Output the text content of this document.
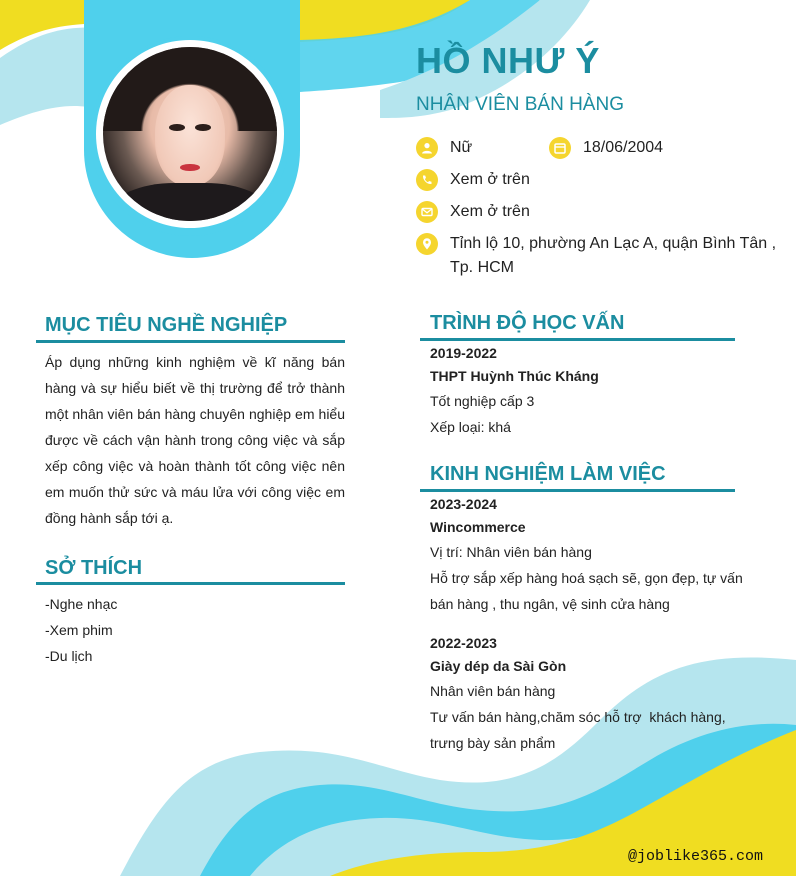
HỒ NHƯ Ý
NHÂN VIÊN BÁN HÀNG
Nữ	18/06/2004
Xem ở trên
Xem ở trên
Tỉnh lộ 10, phường An Lạc A, quận Bình Tân ,
Tp. HCM
MỤC TIÊU NGHỀ NGHIỆP
Áp dụng những kinh nghiệm về kĩ năng bán hàng và sự hiểu biết về thị trường để trở thành một nhân viên bán hàng chuyên nghiệp em hiểu được về cách vận hành trong công việc và sắp xếp công việc và hoàn thành tốt công việc nên em muốn thử sức và máu lửa với công việc em đồng hành sắp tới ạ.
SỞ THÍCH
-Nghe nhạc
-Xem phim
-Du lịch
TRÌNH ĐỘ HỌC VẤN
2019-2022
THPT Huỳnh Thúc Kháng
Tốt nghiệp cấp 3
Xếp loại: khá
KINH NGHIỆM LÀM VIỆC
2023-2024
Wincommerce
Vị trí: Nhân viên bán hàng
Hỗ trợ sắp xếp hàng hoá sạch sẽ, gọn đẹp, tự vấn
bán hàng , thu ngân, vệ sinh cửa hàng
2022-2023
Giày dép da Sài Gòn
Nhân viên bán hàng
Tư vấn bán hàng,chăm sóc hỗ trợ  khách hàng,
trưng bày sản phẩm
@joblike365.com
